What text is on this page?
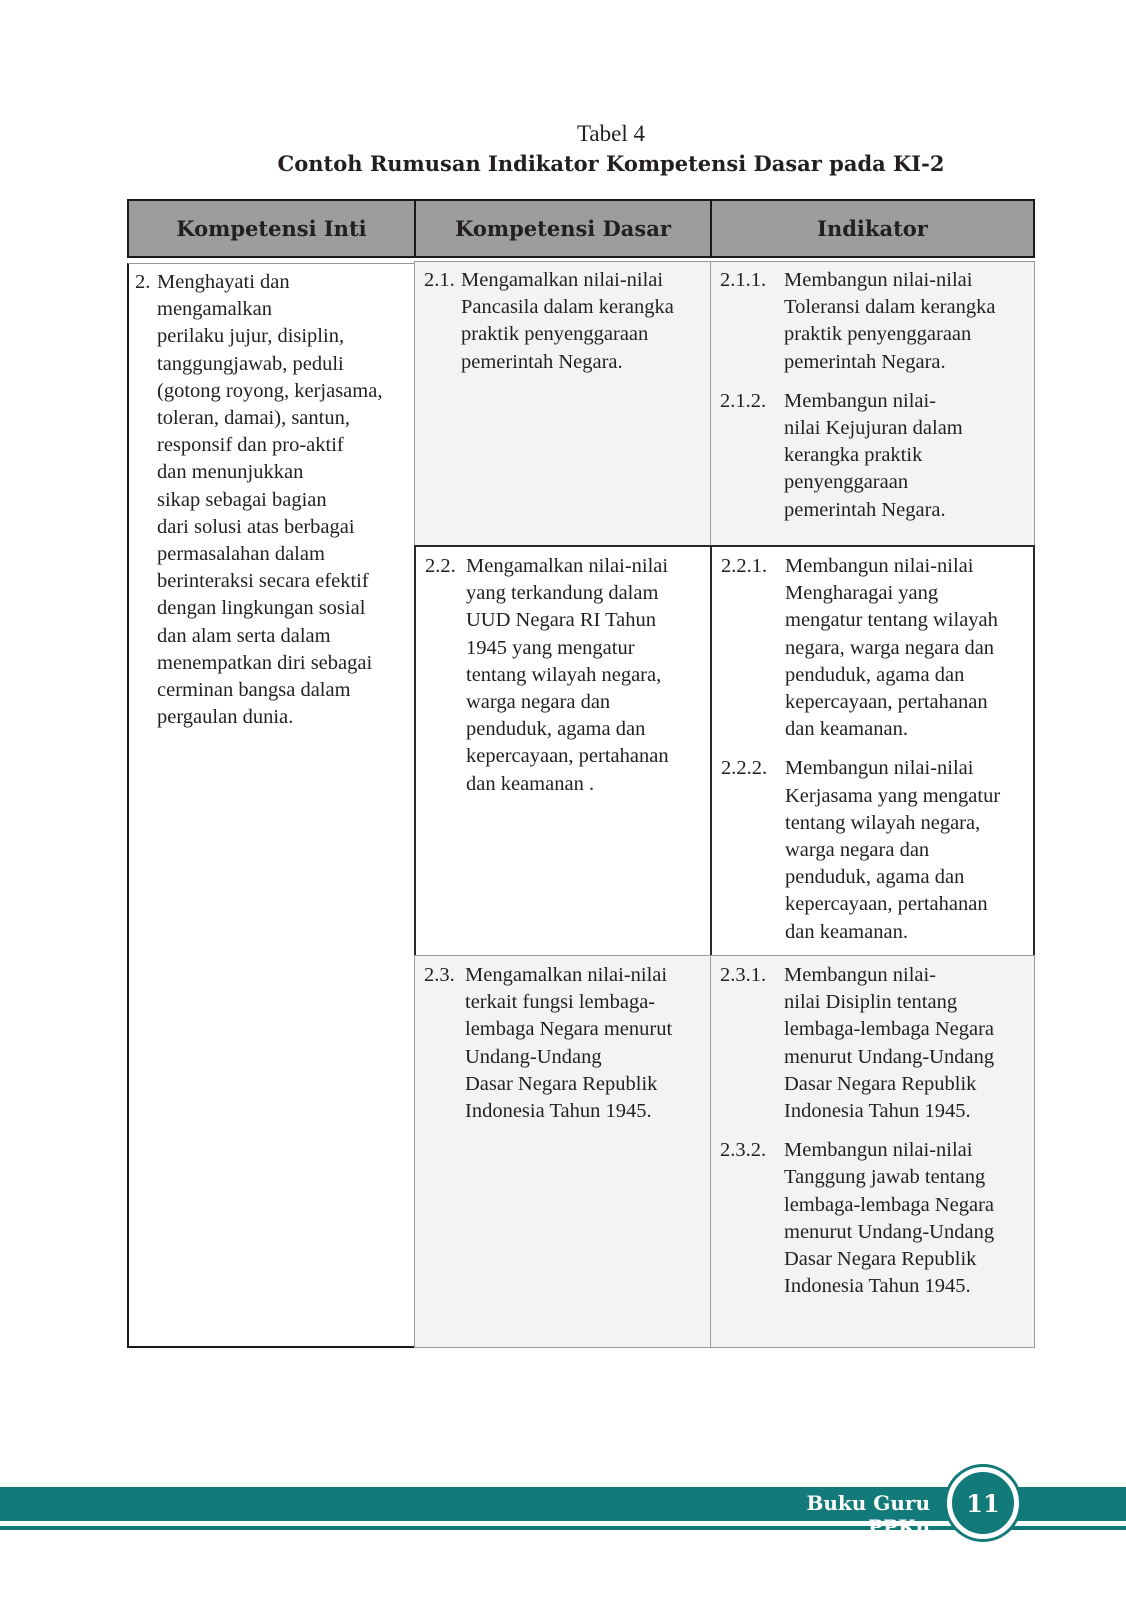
Tabel 4
Contoh Rumusan Indikator Kompetensi Dasar pada KI-2
Kompetensi Inti	Kompetensi Dasar	Indikator
2. Menghayati dan
mengamalkan
perilaku jujur, disiplin,
tanggungjawab, peduli
(gotong royong, kerjasama,
toleran, damai), santun,
responsif dan pro-aktif
dan menunjukkan
sikap sebagai bagian
dari solusi atas berbagai
permasalahan dalam
berinteraksi secara efektif
dengan lingkungan sosial
dan alam serta dalam
menempatkan diri sebagai
cerminan bangsa dalam
pergaulan dunia.
2.1. Mengamalkan nilai-nilai
Pancasila dalam kerangka
praktik penyenggaraan
pemerintah Negara.
2.2. Mengamalkan nilai-nilai
yang terkandung dalam
UUD Negara RI Tahun
1945 yang mengatur
tentang wilayah negara,
warga negara dan
penduduk, agama dan
kepercayaan, pertahanan
dan keamanan .
2.3. Mengamalkan nilai-nilai
terkait fungsi lembaga-
lembaga Negara menurut
Undang-Undang
Dasar Negara Republik
Indonesia Tahun 1945.
2.1.1. Membangun nilai-nilai
Toleransi dalam kerangka
praktik penyenggaraan
pemerintah Negara.
2.1.2. Membangun nilai-
nilai Kejujuran dalam
kerangka praktik
penyenggaraan
pemerintah Negara.
2.2.1. Membangun nilai-nilai
Mengharagai yang
mengatur tentang wilayah
negara, warga negara dan
penduduk, agama dan
kepercayaan, pertahanan
dan keamanan.
2.2.2. Membangun nilai-nilai
Kerjasama yang mengatur
tentang wilayah negara,
warga negara dan
penduduk, agama dan
kepercayaan, pertahanan
dan keamanan.
2.3.1. Membangun nilai-
nilai Disiplin tentang
lembaga-lembaga Negara
menurut Undang-Undang
Dasar Negara Republik
Indonesia Tahun 1945.
2.3.2. Membangun nilai-nilai
Tanggung jawab tentang
lembaga-lembaga Negara
menurut Undang-Undang
Dasar Negara Republik
Indonesia Tahun 1945.
Buku Guru PPKn
11
